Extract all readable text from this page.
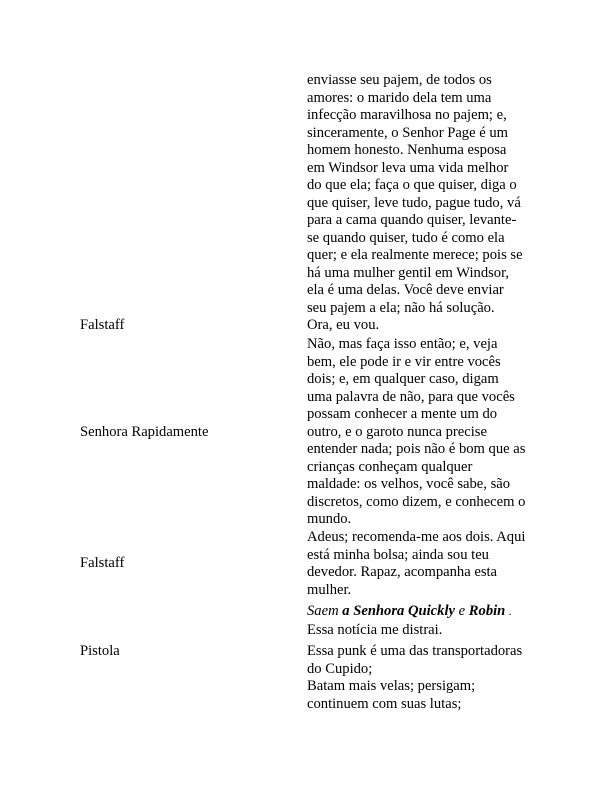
enviasse seu pajem, de todos os
amores: o marido dela tem uma
infecção maravilhosa no pajem; e,
sinceramente, o Senhor Page é um
homem honesto. Nenhuma esposa
em Windsor leva uma vida melhor
do que ela; faça o que quiser, diga o
que quiser, leve tudo, pague tudo, vá
para a cama quando quiser, levante-
se quando quiser, tudo é como ela
quer; e ela realmente merece; pois se
há uma mulher gentil em Windsor,
ela é uma delas. Você deve enviar
seu pajem a ela; não há solução.
Falstaff	Ora, eu vou.
Senhora Rapidamente
Não, mas faça isso então; e, veja
bem, ele pode ir e vir entre vocês
dois; e, em qualquer caso, digam
uma palavra de não, para que vocês
possam conhecer a mente um do
outro, e o garoto nunca precise
entender nada; pois não é bom que as
crianças conheçam qualquer
maldade: os velhos, você sabe, são
discretos, como dizem, e conhecem o
mundo.
Falstaff
Adeus; recomenda-me aos dois. Aqui
está minha bolsa; ainda sou teu
devedor. Rapaz, acompanha esta
mulher.
Saem a Senhora Quickly e Robin .
Essa notícia me distrai.
Pistola	Essa punk é uma das transportadoras
do Cupido;
Batam mais velas; persigam;
continuem com suas lutas;
